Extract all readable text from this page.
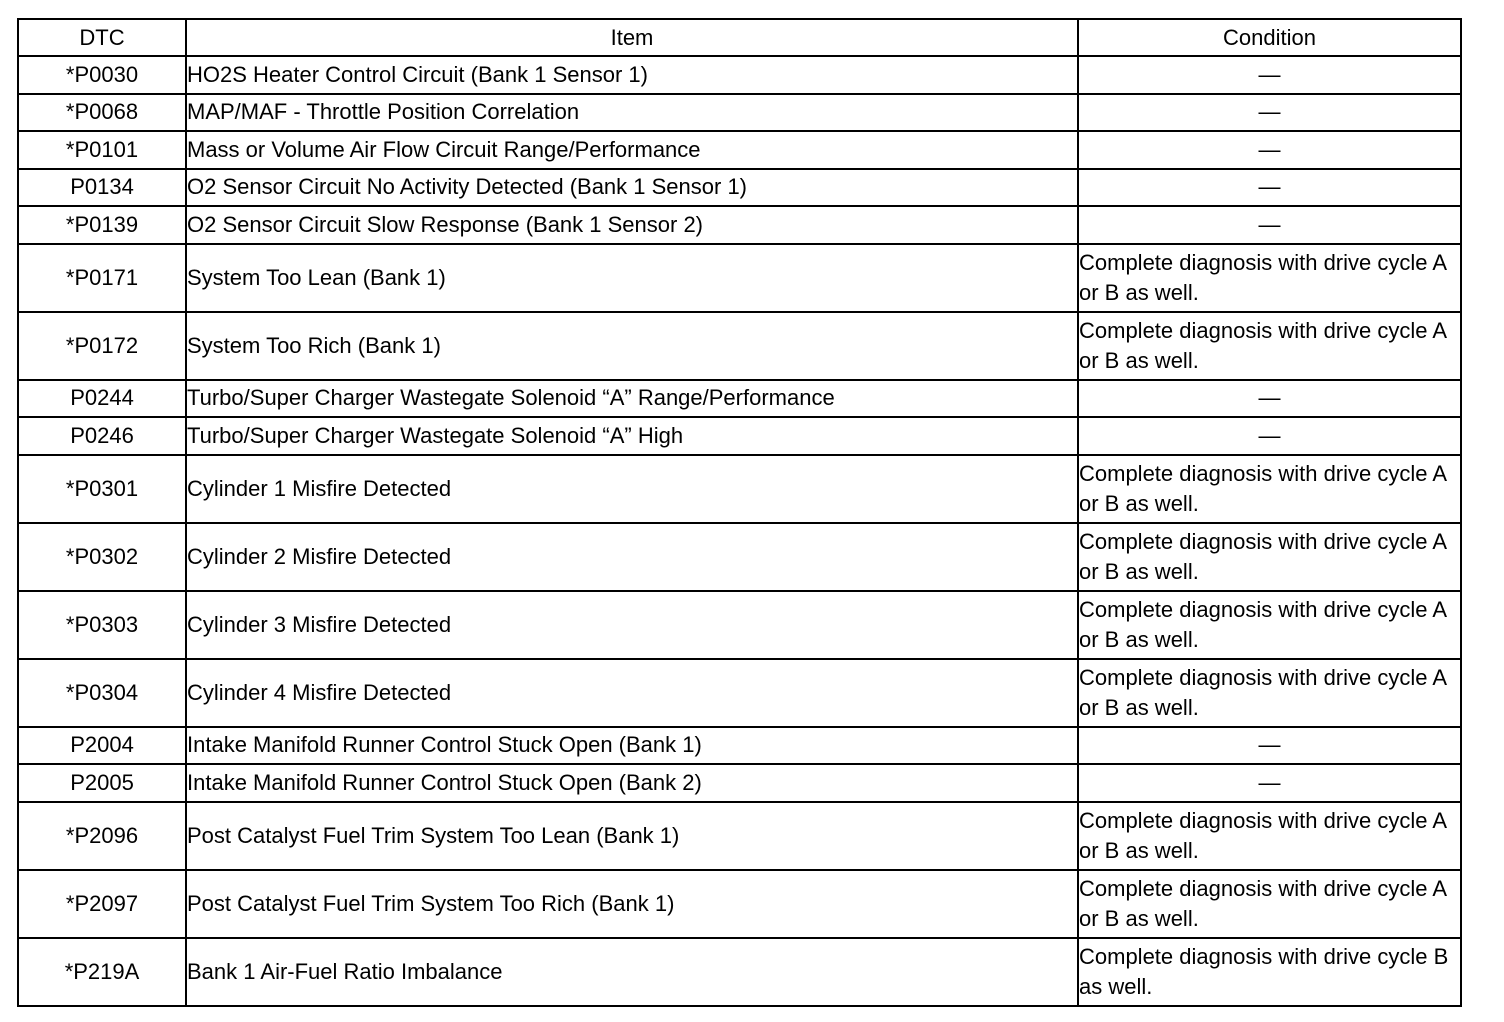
DTC	Item	Condition
*P0030	HO2S Heater Control Circuit (Bank 1 Sensor 1)	—
*P0068	MAP/MAF - Throttle Position Correlation	—
*P0101	Mass or Volume Air Flow Circuit Range/Performance	—
P0134	O2 Sensor Circuit No Activity Detected (Bank 1 Sensor 1)	—
*P0139	O2 Sensor Circuit Slow Response (Bank 1 Sensor 2)	—
*P0171	System Too Lean (Bank 1)	Complete diagnosis with drive cycle A or B as well.
*P0172	System Too Rich (Bank 1)	Complete diagnosis with drive cycle A or B as well.
P0244	Turbo/Super Charger Wastegate Solenoid “A” Range/Performance	—
P0246	Turbo/Super Charger Wastegate Solenoid “A” High	—
*P0301	Cylinder 1 Misfire Detected	Complete diagnosis with drive cycle A or B as well.
*P0302	Cylinder 2 Misfire Detected	Complete diagnosis with drive cycle A or B as well.
*P0303	Cylinder 3 Misfire Detected	Complete diagnosis with drive cycle A or B as well.
*P0304	Cylinder 4 Misfire Detected	Complete diagnosis with drive cycle A or B as well.
P2004	Intake Manifold Runner Control Stuck Open (Bank 1)	—
P2005	Intake Manifold Runner Control Stuck Open (Bank 2)	—
*P2096	Post Catalyst Fuel Trim System Too Lean (Bank 1)	Complete diagnosis with drive cycle A or B as well.
*P2097	Post Catalyst Fuel Trim System Too Rich (Bank 1)	Complete diagnosis with drive cycle A or B as well.
*P219A	Bank 1 Air-Fuel Ratio Imbalance	Complete diagnosis with drive cycle B as well.
